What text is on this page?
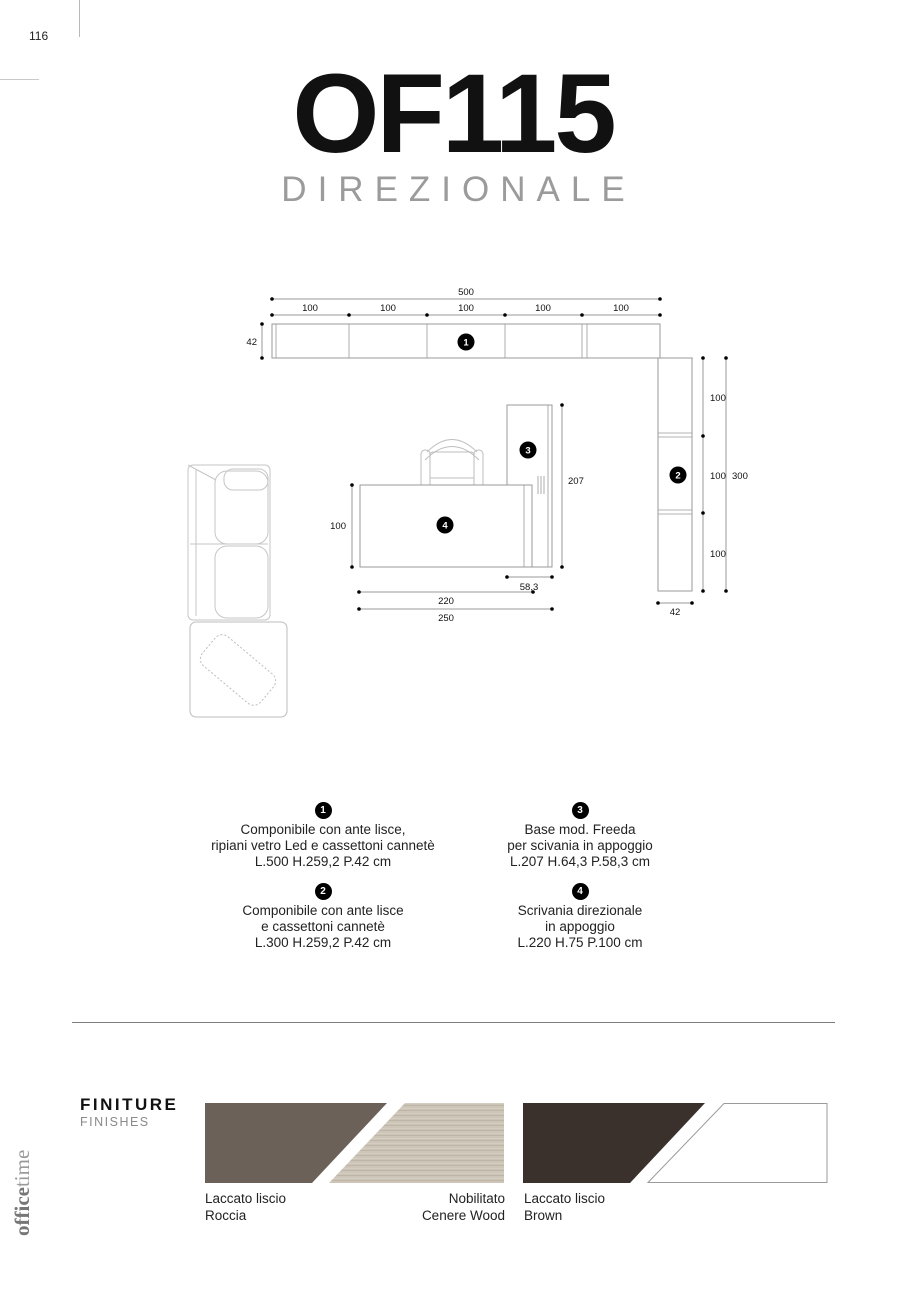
116
OF115
DIREZIONALE
500
100	100	100	100	100
42
100
100
100
300
42
100
207
58,3
220
250
1
2
3
4
1
Componibile con ante lisce,
ripiani vetro Led e cassettoni cannetè
L.500 H.259,2 P.42 cm
2
Componibile con ante lisce
e cassettoni cannetè
L.300 H.259,2 P.42 cm
3
Base mod. Freeda
per scivania in appoggio
L.207 H.64,3 P.58,3 cm
4
Scrivania direzionale
in appoggio
L.220 H.75 P.100 cm
FINITURE
FINISHES
Laccato liscio
Roccia
Nobilitato
Cenere Wood
Laccato liscio
Brown
officetime
